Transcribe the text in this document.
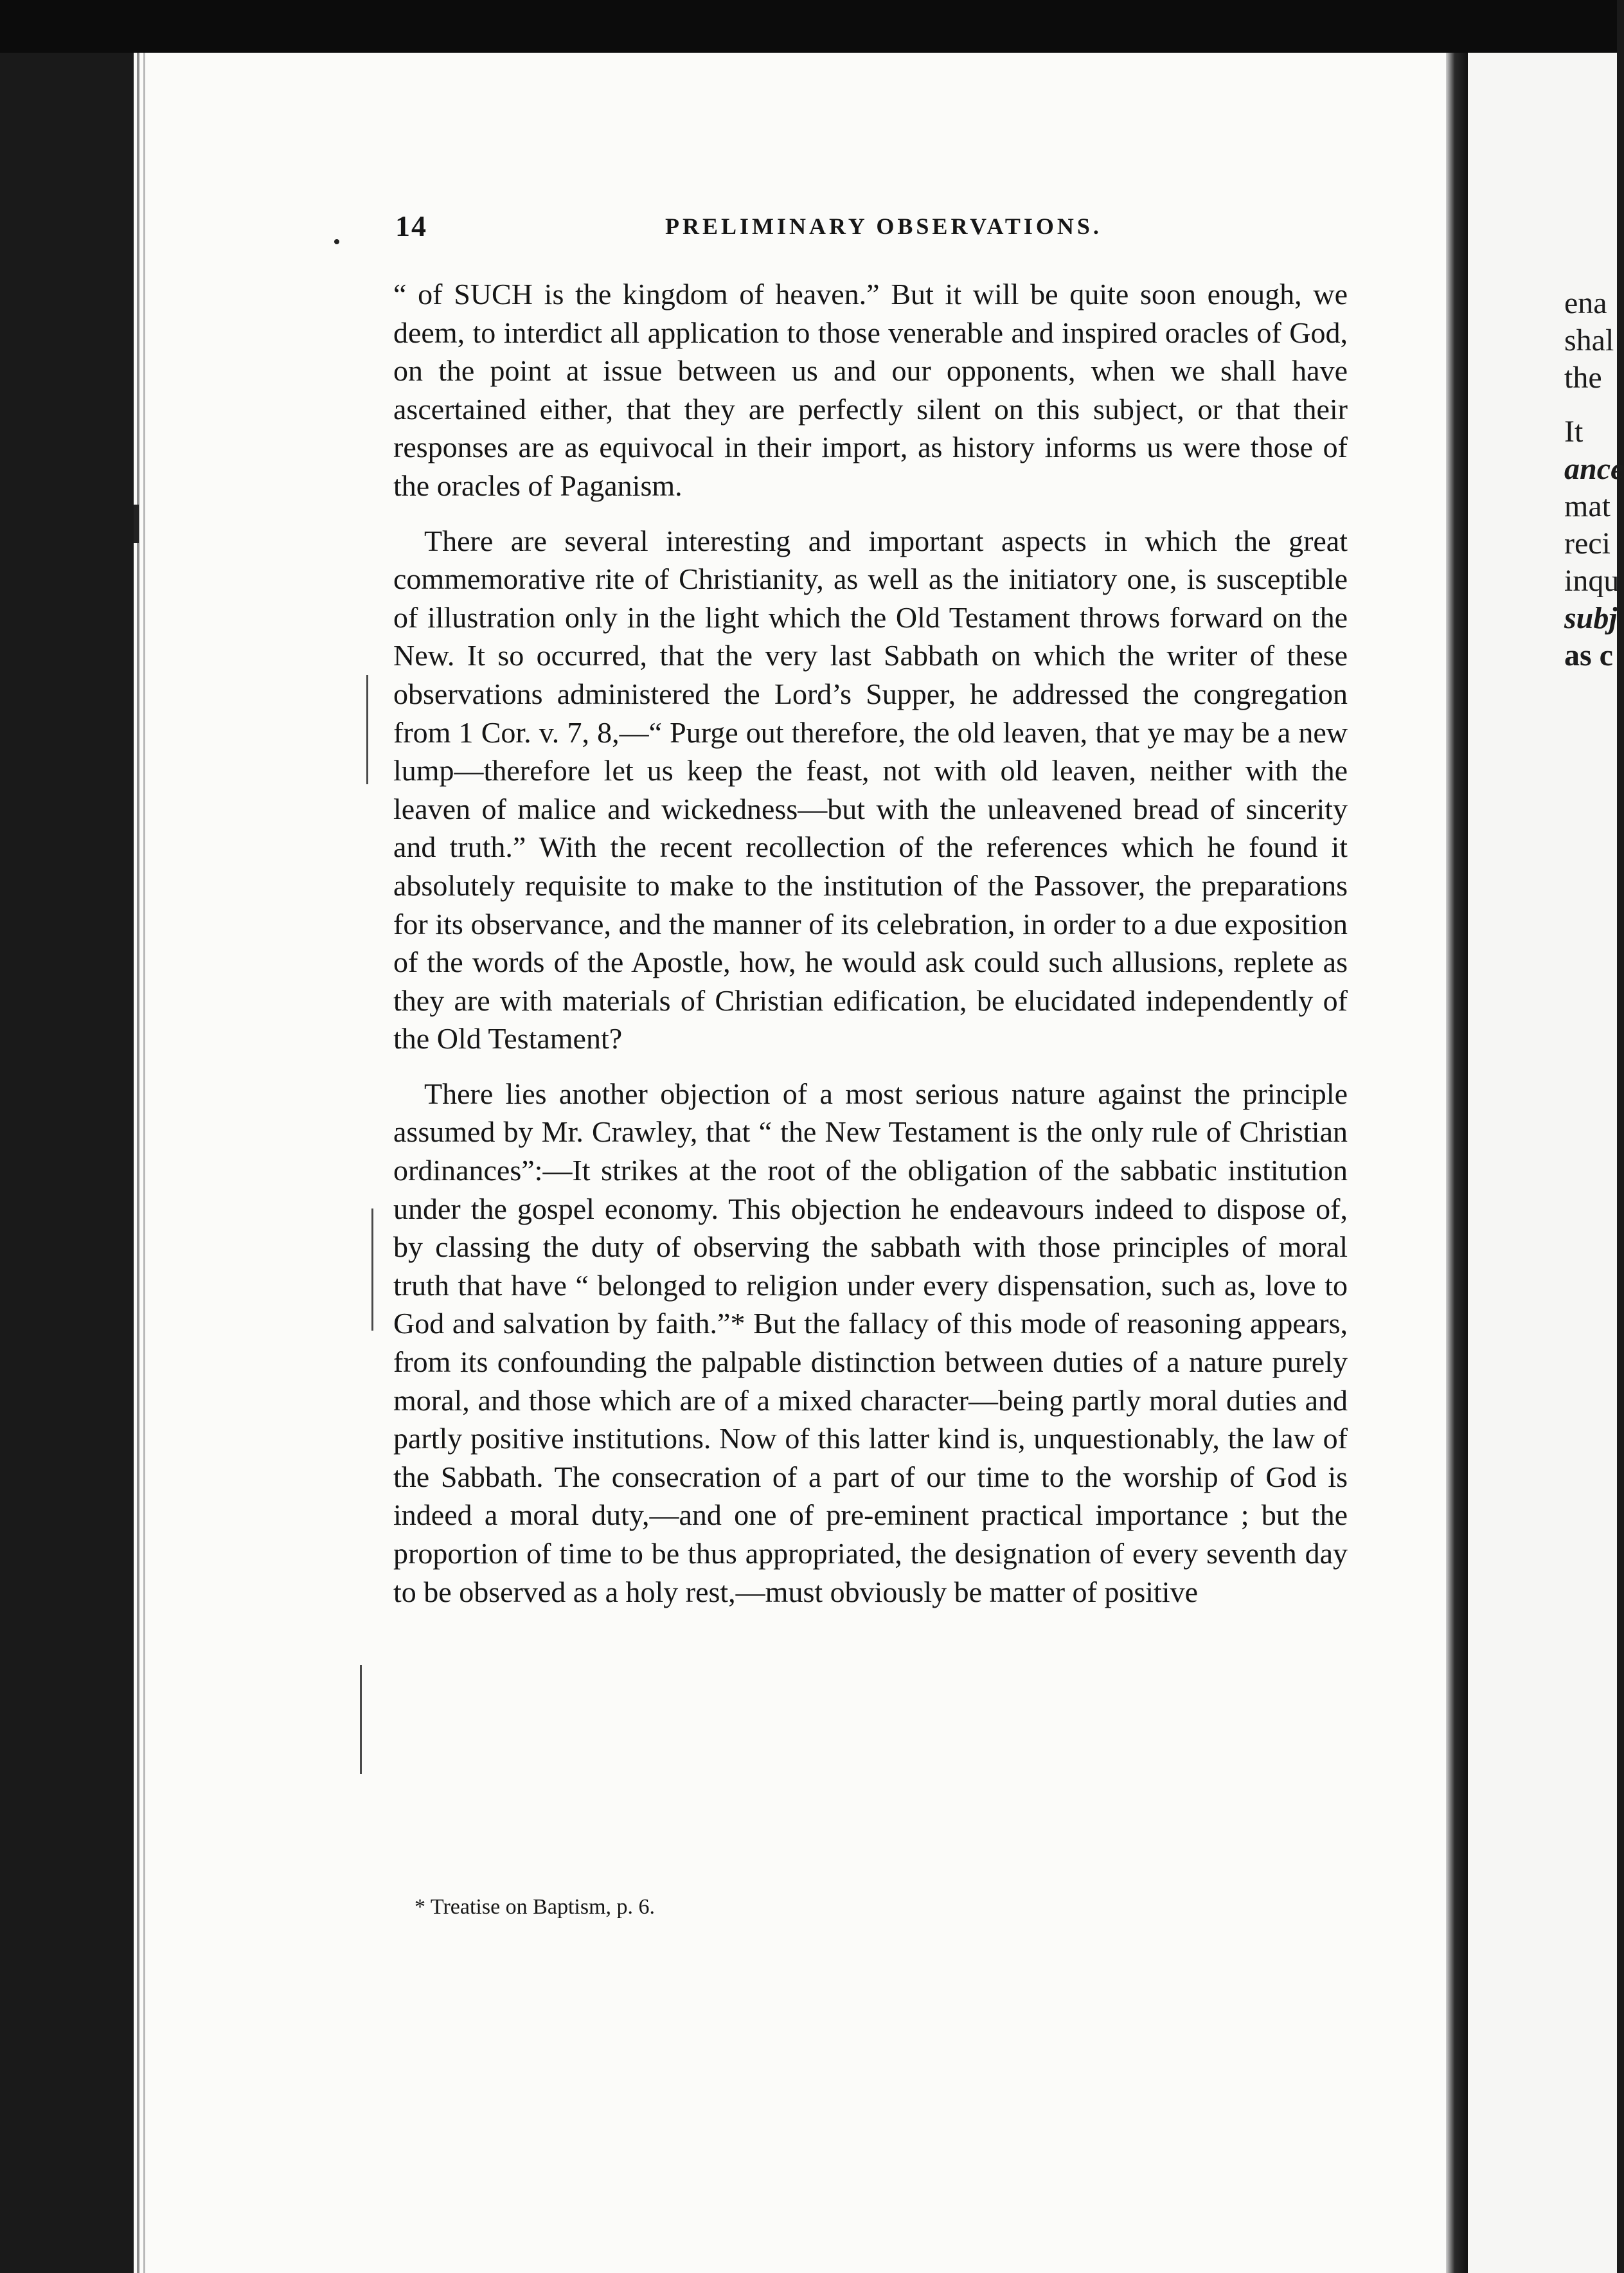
ena
shal
the
It
ance
mat
reci
inqu
subj
as c
14	PRELIMINARY OBSERVATIONS.

“ of SUCH is the kingdom of heaven.” But it will be quite soon enough, we deem, to interdict all application to those venerable and inspired oracles of God, on the point at issue between us and our opponents, when we shall have ascertained either, that they are perfectly silent on this subject, or that their responses are as equivocal in their import, as history informs us were those of the oracles of Paganism.

There are several interesting and important aspects in which the great commemorative rite of Christianity, as well as the initiatory one, is susceptible of illustration only in the light which the Old Testament throws forward on the New. It so occurred, that the very last Sabbath on which the writer of these observations administered the Lord’s Supper, he addressed the congregation from 1 Cor. v. 7, 8,—“ Purge out therefore, the old leaven, that ye may be a new lump—therefore let us keep the feast, not with old leaven, neither with the leaven of malice and wickedness—but with the unleavened bread of sincerity and truth.” With the recent recollection of the references which he found it absolutely requisite to make to the institution of the Passover, the preparations for its observance, and the manner of its celebration, in order to a due exposition of the words of the Apostle, how, he would ask could such allusions, replete as they are with materials of Christian edification, be elucidated independently of the Old Testament?

There lies another objection of a most serious nature against the principle assumed by Mr. Crawley, that “ the New Testament is the only rule of Christian ordinances”:—It strikes at the root of the obligation of the sabbatic institution under the gospel economy. This objection he endeavours indeed to dispose of, by classing the duty of observing the sabbath with those principles of moral truth that have “ belonged to religion under every dispensation, such as, love to God and salvation by faith.”* But the fallacy of this mode of reasoning appears, from its confounding the palpable distinction between duties of a nature purely moral, and those which are of a mixed character—being partly moral duties and partly positive institutions. Now of this latter kind is, unquestionably, the law of the Sabbath. The consecration of a part of our time to the worship of God is indeed a moral duty,—and one of pre-eminent practical importance ; but the proportion of time to be thus appropriated, the designation of every seventh day to be observed as a holy rest,—must obviously be matter of positive

* Treatise on Baptism, p. 6.
